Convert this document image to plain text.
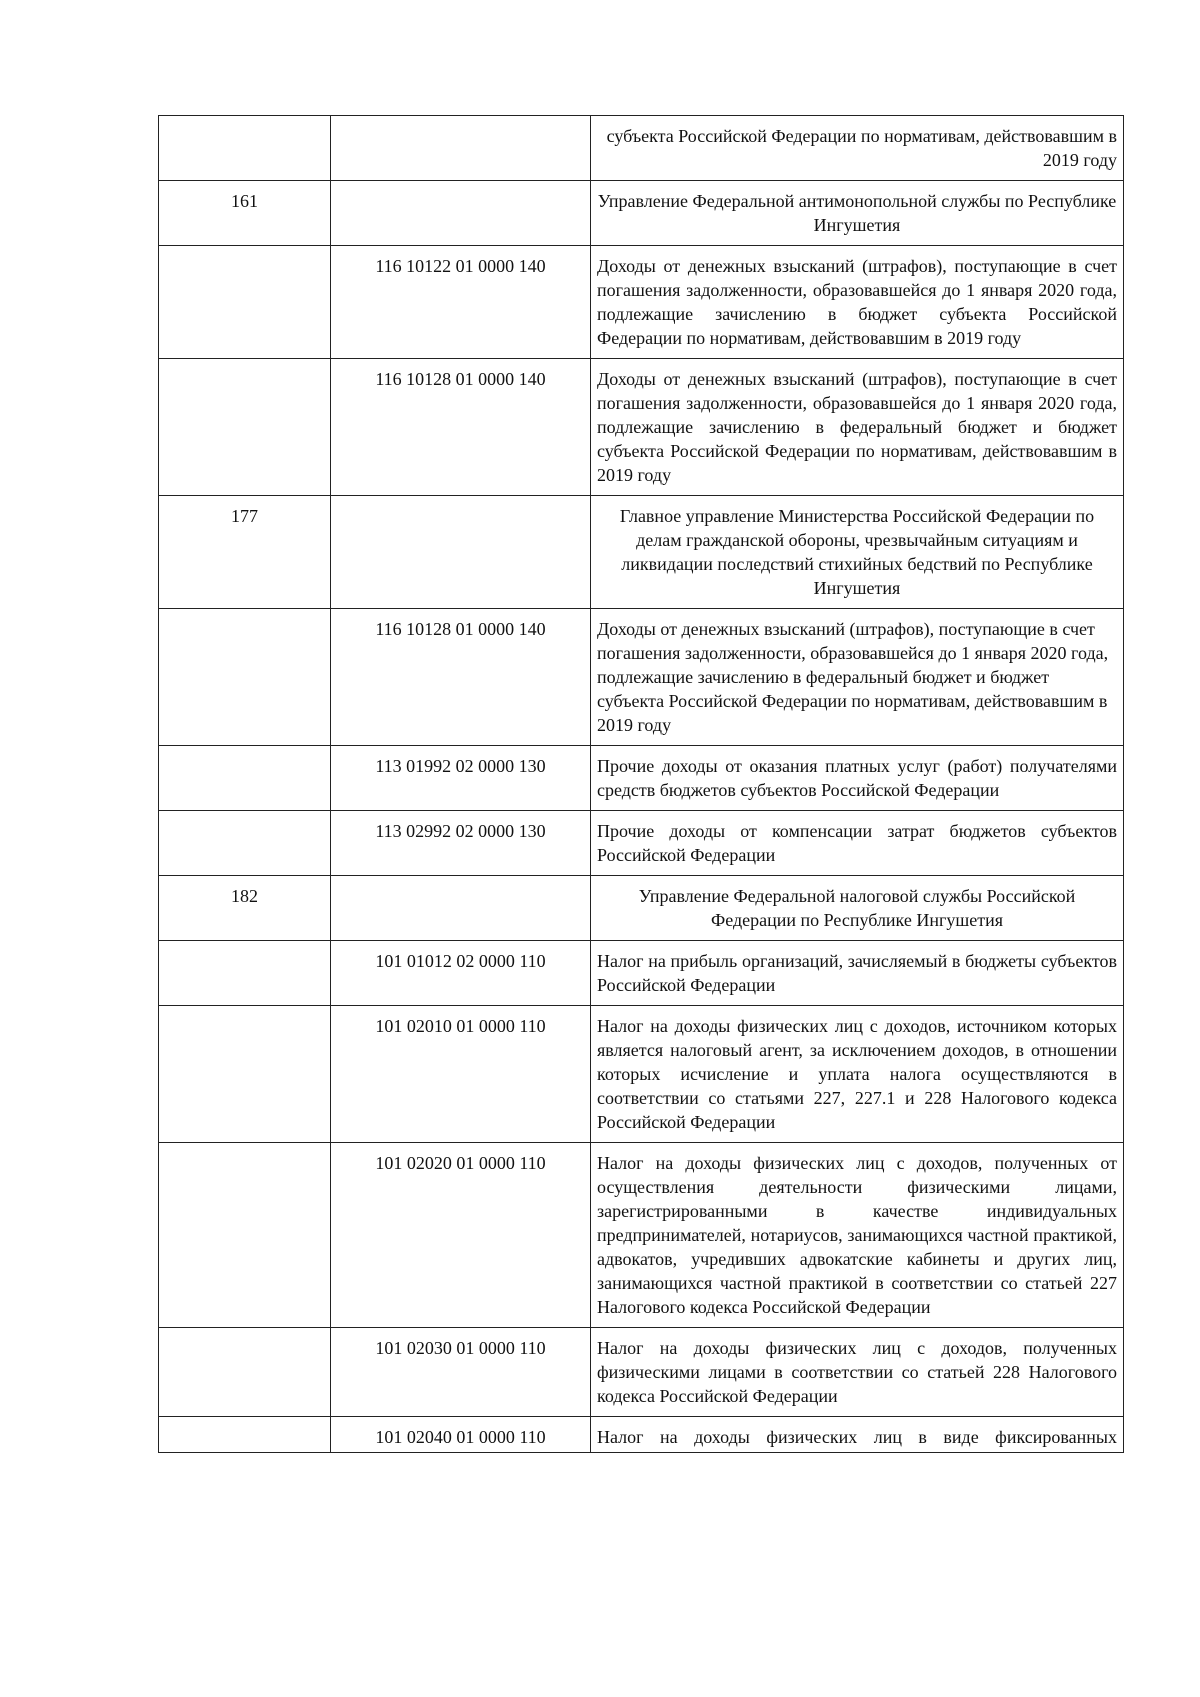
		субъекта Российской Федерации по нормативам, действовавшим в 2019 году
161		Управление Федеральной антимонопольной службы по Республике Ингушетия
	116 10122 01 0000 140	Доходы от денежных взысканий (штрафов), поступающие в счет погашения задолженности, образовавшейся до 1 января 2020 года, подлежащие зачислению в бюджет субъекта Российской Федерации по нормативам, действовавшим в 2019 году
	116 10128 01 0000 140	Доходы от денежных взысканий (штрафов), поступающие в счет погашения задолженности, образовавшейся до 1 января 2020 года, подлежащие зачислению в федеральный бюджет и бюджет субъекта Российской Федерации по нормативам, действовавшим в 2019 году
177		Главное управление Министерства Российской Федерации по делам гражданской обороны, чрезвычайным ситуациям и ликвидации последствий стихийных бедствий по Республике Ингушетия
	116 10128 01 0000 140	Доходы от денежных взысканий (штрафов), поступающие в счет погашения задолженности, образовавшейся до 1 января 2020 года, подлежащие зачислению в федеральный бюджет и бюджет субъекта Российской Федерации по нормативам, действовавшим в 2019 году
	113 01992 02 0000 130	Прочие доходы от оказания платных услуг (работ) получателями средств бюджетов субъектов Российской Федерации
	113 02992 02 0000 130	Прочие доходы от компенсации затрат бюджетов субъектов Российской Федерации
182		Управление Федеральной налоговой службы Российской Федерации по Республике Ингушетия
	101 01012 02 0000 110	Налог на прибыль организаций, зачисляемый в бюджеты субъектов Российской Федерации
	101 02010 01 0000 110	Налог на доходы физических лиц с доходов, источником которых является налоговый агент, за исключением доходов, в отношении которых исчисление и уплата налога осуществляются в соответствии со статьями 227, 227.1 и 228 Налогового кодекса Российской Федерации
	101 02020 01 0000 110	Налог на доходы физических лиц с доходов, полученных от осуществления деятельности физическими лицами, зарегистрированными в качестве индивидуальных предпринимателей, нотариусов, занимающихся частной практикой, адвокатов, учредивших адвокатские кабинеты и других лиц, занимающихся частной практикой в соответствии со статьей 227 Налогового кодекса Российской Федерации
	101 02030 01 0000 110	Налог на доходы физических лиц с доходов, полученных физическими лицами в соответствии со статьей 228 Налогового кодекса Российской Федерации
	101 02040 01 0000 110	Налог на доходы физических лиц в виде фиксированных
